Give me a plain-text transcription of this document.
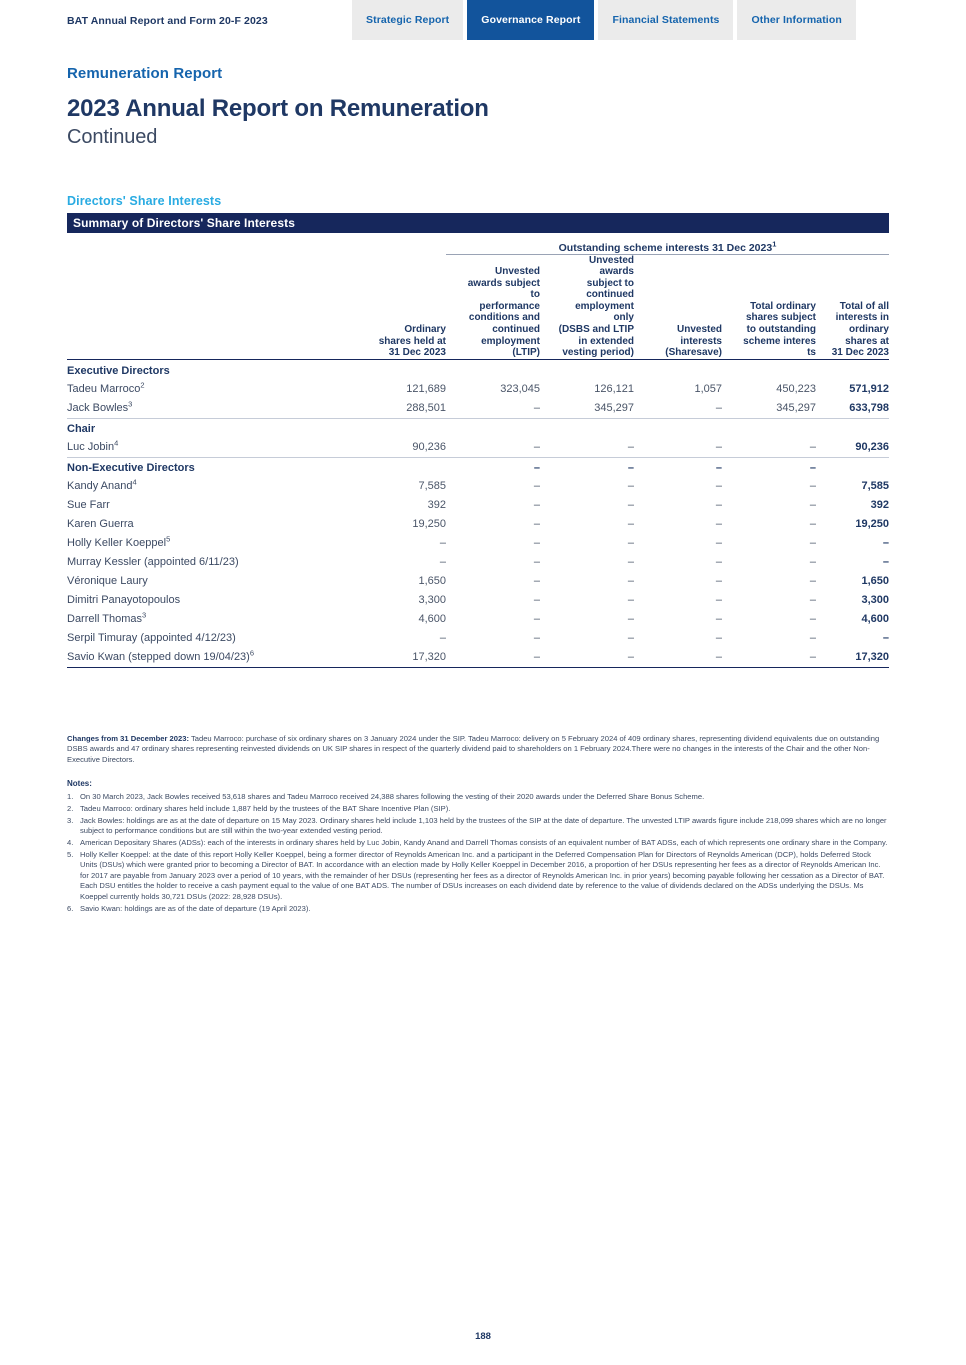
BAT Annual Report and Form 20-F 2023	Strategic Report	Governance Report	Financial Statements	Other Information
Remuneration Report
2023 Annual Report on Remuneration
Continued
Directors' Share Interests
Summary of Directors' Share Interests
		Outstanding scheme interests 31 Dec 2023$^1$
	Ordinary
shares held at
31 Dec 2023	Unvested
awards subject
to
performance
conditions and
continued
employment
(LTIP)	Unvested
awards
subject to
continued
employment
only
(DSBS and LTIP
in extended
vesting period)	Unvested
interests
(Sharesave)	Total ordinary
shares subject
to outstanding
scheme interes
ts	Total of all
interests in
ordinary
shares at
31 Dec 2023

Executive Directors						
Tadeu Marroco$^2$	121,689	323,045	126,121	1,057	450,223	571,912
Jack Bowles$^3$	288,501	–	345,297	–	345,297	633,798
Chair						
Luc Jobin$^4$	90,236	–	–	–	–	90,236
Non-Executive Directors		–	–	–	–	
Kandy Anand$^4$	7,585	–	–	–	–	7,585
Sue Farr	392	–	–	–	–	392
Karen Guerra	19,250	–	–	–	–	19,250
Holly Keller Koeppel$^5$	–	–	–	–	–	–
Murray Kessler (appointed 6/11/23)	–	–	–	–	–	–
Véronique Laury	1,650	–	–	–	–	1,650
Dimitri Panayotopoulos	3,300	–	–	–	–	3,300
Darrell Thomas$^3$	4,600	–	–	–	–	4,600
Serpil Timuray (appointed 4/12/23)	–	–	–	–	–	–
Savio Kwan (stepped down 19/04/23)$^6$	17,320	–	–	–	–	17,320
Changes from 31 December 2023: Tadeu Marroco: purchase of six ordinary shares on 3 January 2024 under the SIP. Tadeu Marroco: delivery on 5 February 2024 of 409 ordinary shares, representing dividend equivalents due on outstanding DSBS awards and 47 ordinary shares representing reinvested dividends on UK SIP shares in respect of the quarterly dividend paid to shareholders on 1 February 2024.There were no changes in the interests of the Chair and the other Non-Executive Directors.
Notes:
1. On 30 March 2023, Jack Bowles received 53,618 shares and Tadeu Marroco received 24,388 shares following the vesting of their 2020 awards under the Deferred Share Bonus Scheme.
2. Tadeu Marroco: ordinary shares held include 1,887 held by the trustees of the BAT Share Incentive Plan (SIP).
3. Jack Bowles: holdings are as at the date of departure on 15 May 2023. Ordinary shares held include 1,103 held by the trustees of the SIP at the date of departure. The unvested LTIP awards figure include 218,099 shares which are no longer subject to performance conditions but are still within the two-year extended vesting period.
4. American Depositary Shares (ADSs): each of the interests in ordinary shares held by Luc Jobin, Kandy Anand and Darrell Thomas consists of an equivalent number of BAT ADSs, each of which represents one ordinary share in the Company.
5. Holly Keller Koeppel: at the date of this report Holly Keller Koeppel, being a former director of Reynolds American Inc. and a participant in the Deferred Compensation Plan for Directors of Reynolds American (DCP), holds Deferred Stock Units (DSUs) which were granted prior to becoming a Director of BAT. In accordance with an election made by Holly Keller Koeppel in December 2016, a proportion of her DSUs representing her fees as a director of Reynolds American Inc. for 2017 are payable from January 2023 over a period of 10 years, with the remainder of her DSUs (representing her fees as a director of Reynolds American Inc. in prior years) becoming payable following her cessation as a Director of BAT. Each DSU entitles the holder to receive a cash payment equal to the value of one BAT ADS. The number of DSUs increases on each dividend date by reference to the value of dividends declared on the ADSs underlying the DSUs. Ms Koeppel currently holds 30,721 DSUs (2022: 28,928 DSUs).
6. Savio Kwan: holdings are as of the date of departure (19 April 2023).
188
